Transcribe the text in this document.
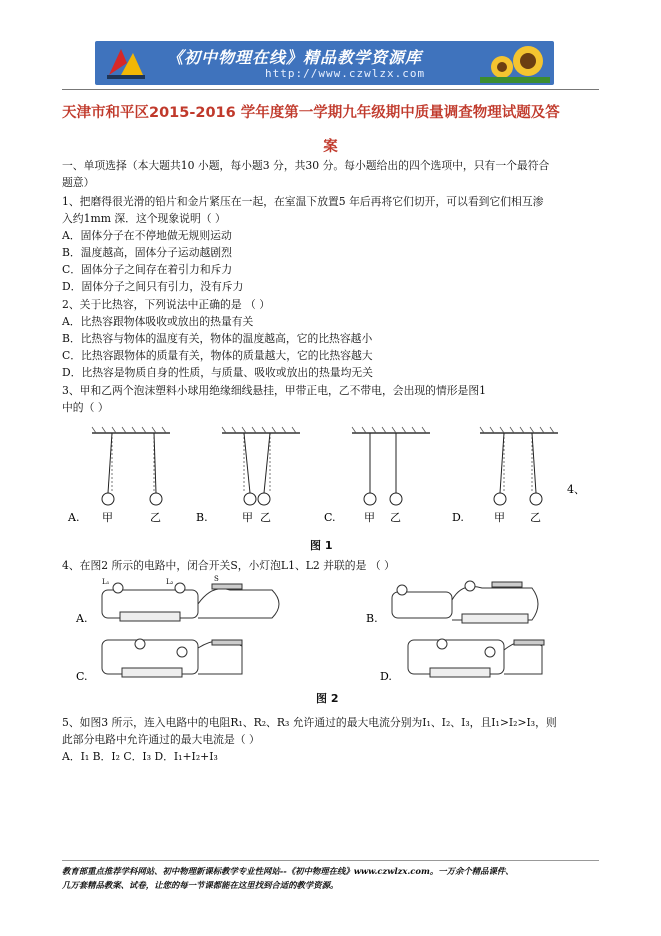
《初中物理在线》精品教学资源库
http://www.czwlzx.com
天津市和平区2015-2016 学年度第一学期九年级期中质量调查物理试题及答
案
一、单项选择（本大题共10 小题，每小题3 分，共30 分。每小题给出的四个选项中，只有一个最符合
题意）
1、把磨得很光滑的铅片和金片紧压在一起，在室温下放置5 年后再将它们切开，可以看到它们相互渗
入约1mm 深．这个现象说明（ ）
A．固体分子在不停地做无规则运动
B．温度越高，固体分子运动越剧烈
C．固体分子之间存在着引力和斥力
D．固体分子之间只有引力，没有斥力
2、关于比热容，下列说法中正确的是 （ ）
A．比热容跟物体吸收或放出的热量有关
B．比热容与物体的温度有关，物体的温度越高，它的比热容越小
C．比热容跟物体的质量有关，物体的质量越大，它的比热容越大
D．比热容是物质自身的性质，与质量、吸收或放出的热量均无关
3、甲和乙两个泡沫塑料小球用绝缘细线悬挂，甲带正电，乙不带电，会出现的情形是图1
中的（ ）
A. 甲	乙	B.	甲 乙	C.	甲 乙	D.	甲 乙
4、
图 1
4、在图2 所示的电路中，闭合开关S，小灯泡L1、L2 并联的是 （ ）
A.	B.
C.	D.
L₁	L₂	S
图 2
5、如图3 所示，连入电路中的电阻R₁、R₂、R₃ 允许通过的最大电流分别为I₁、I₂、I₃，且I₁>I₂>I₃，则
此部分电路中允许通过的最大电流是（ ）
A．I₁ B．I₂ C．I₃ D．I₁+I₂+I₃
教育部重点推荐学科网站、初中物理新课标教学专业性网站--《初中物理在线》www.czwlzx.com。一万余个精品课件、
几万套精品教案、试卷，让您的每一节课都能在这里找到合适的教学资源。
